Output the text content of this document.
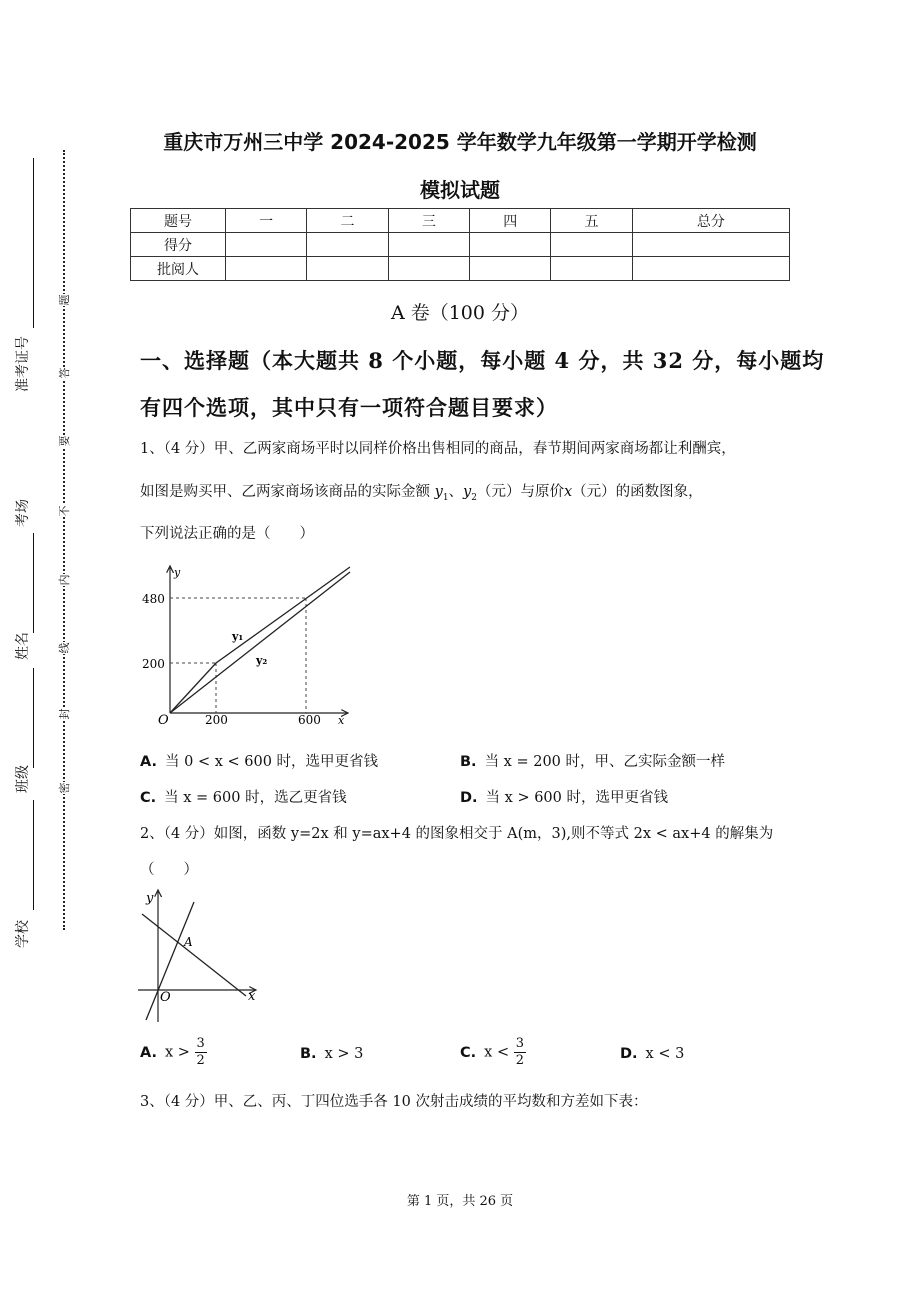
学校
班级
姓名
考场
准考证号
密
封
线
内
不
要
答
题
重庆市万州三中学 2024-2025 学年数学九年级第一学期开学检测
模拟试题
题号	一	二	三	四	五	总分
得分						
批阅人						
A 卷（100 分）
一、选择题（本大题共 8 个小题，每小题 4 分，共 32 分，每小题均
有四个选项，其中只有一项符合题目要求）
1、（4 分）甲、乙两家商场平时以同样价格出售相同的商品，春节期间两家商场都让利酬宾，
如图是购买甲、乙两家商场该商品的实际金额 $y_1$、$y_2$（元）与原价x（元）的函数图象，
下列说法正确的是（　　）
y
x
O
480
200
200	600
y₁
y₂
A. 当 0 < x < 600 时，选甲更省钱	B. 当 x = 200 时，甲、乙实际金额一样
C. 当 x = 600 时，选乙更省钱	D. 当 x > 600 时，选甲更省钱
2、（4 分）如图，函数 y=2x 和 y=ax+4 的图象相交于 A(m，3),则不等式 2x < ax+4 的解集为
（　　）
y
x
O
A
A. $x > \frac{3}{2}$	B. x > 3	C. $x < \frac{3}{2}$	D. x < 3
3、（4 分）甲、乙、丙、丁四位选手各 10 次射击成绩的平均数和方差如下表：
第 1 页，共 26 页
